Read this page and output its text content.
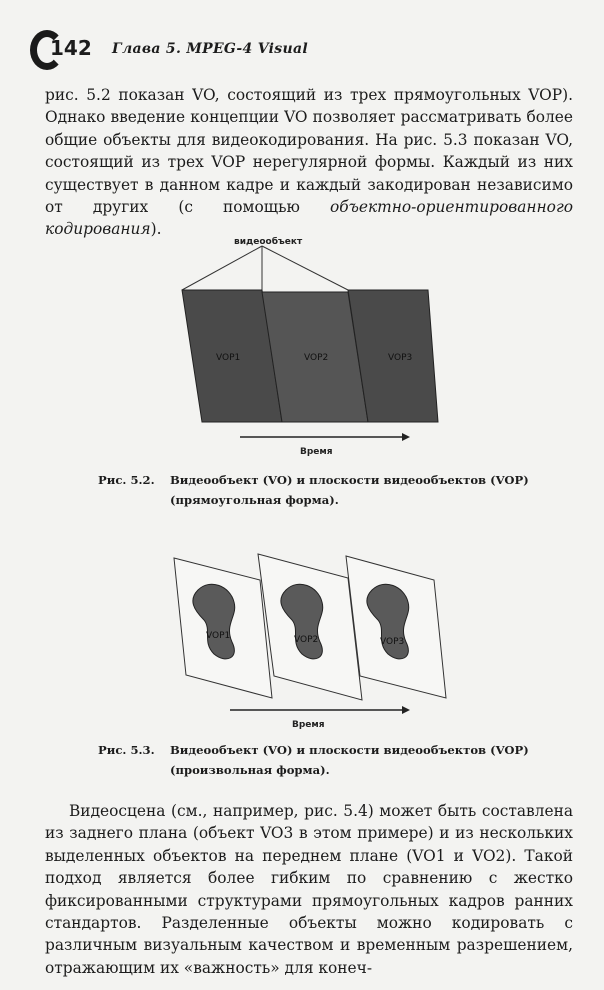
142 Глава 5. MPEG-4 Visual
рис. 5.2 показан VO, состоящий из трех прямоугольных VOP). Однако введение концепции VO позволяет рассматривать более общие объекты для видеокодирования. На рис. 5.3 показан VO, состоящий из трех VOP нерегулярной формы. Каждый из них существует в данном кадре и каждый закодирован независимо от других (с помощью объектно-ориентированного кодирования).
видеообъект
VOP1	VOP2	VOP3
Время
Рис. 5.2. Видеообъект (VO) и плоскости видеообъектов (VOP)
(прямоугольная форма).
VOP1	VOP2	VOP3
Время
Рис. 5.3. Видеообъект (VO) и плоскости видеообъектов (VOP)
(произвольная форма).
Видеосцена (см., например, рис. 5.4) может быть составлена из заднего плана (объект VO3 в этом примере) и из нескольких выделенных объектов на переднем плане (VO1 и VO2). Такой подход является более гибким по сравнению с жестко фиксированными структурами прямоугольных кадров ранних стандартов. Разделенные объекты можно кодировать с различным визуальным качеством и временным разрешением, отражающим их «важность» для конеч-
